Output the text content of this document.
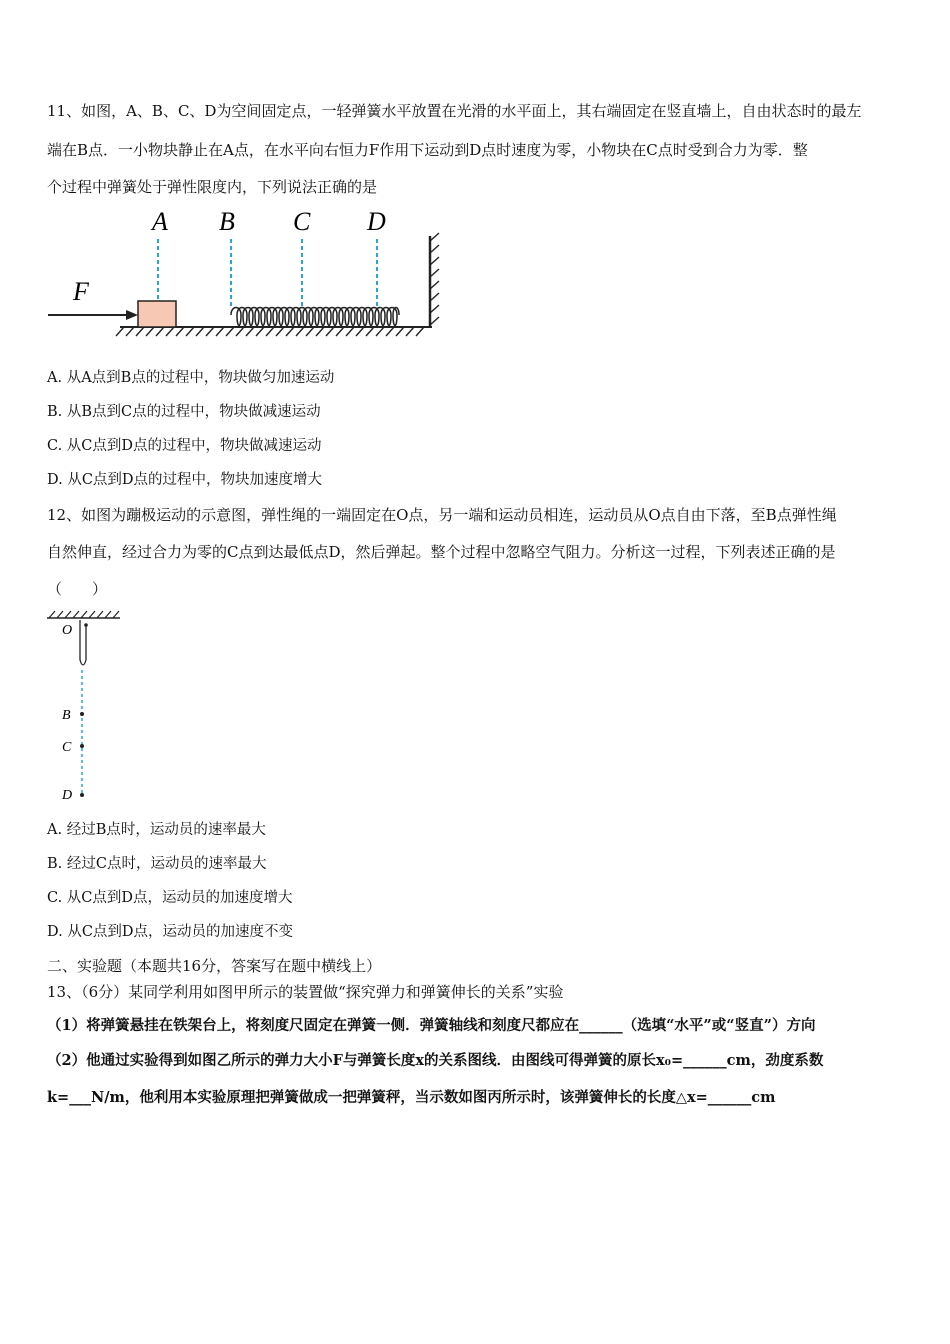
11、如图，A、B、C、D为空间固定点，一轻弹簧水平放置在光滑的水平面上，其右端固定在竖直墙上，自由状态时的最左
端在B点．一小物块静止在A点，在水平向右恒力F作用下运动到D点时速度为零，小物块在C点时受到合力为零．整
个过程中弹簧处于弹性限度内，下列说法正确的是
A B C D
F
A. 从A点到B点的过程中，物块做匀加速运动
B. 从B点到C点的过程中，物块做减速运动
C. 从C点到D点的过程中，物块做减速运动
D. 从C点到D点的过程中，物块加速度增大
12、如图为蹦极运动的示意图，弹性绳的一端固定在O点，另一端和运动员相连，运动员从O点自由下落，至B点弹性绳
自然伸直，经过合力为零的C点到达最低点D，然后弹起。整个过程中忽略空气阻力。分析这一过程，下列表述正确的是
（　　）
O
B
C
D
A. 经过B点时，运动员的速率最大
B. 经过C点时，运动员的速率最大
C. 从C点到D点，运动员的加速度增大
D. 从C点到D点，运动员的加速度不变
二、实验题（本题共16分，答案写在题中横线上）
13、（6分）某同学利用如图甲所示的装置做“探究弹力和弹簧伸长的关系”实验
（1）将弹簧悬挂在铁架台上，将刻度尺固定在弹簧一侧．弹簧轴线和刻度尺都应在______（选填“水平”或“竖直”）方向
（2）他通过实验得到如图乙所示的弹力大小F与弹簧长度x的关系图线．由图线可得弹簧的原长x₀=______cm，劲度系数
k=___N/m，他利用本实验原理把弹簧做成一把弹簧秤，当示数如图丙所示时，该弹簧伸长的长度△x=______cm
